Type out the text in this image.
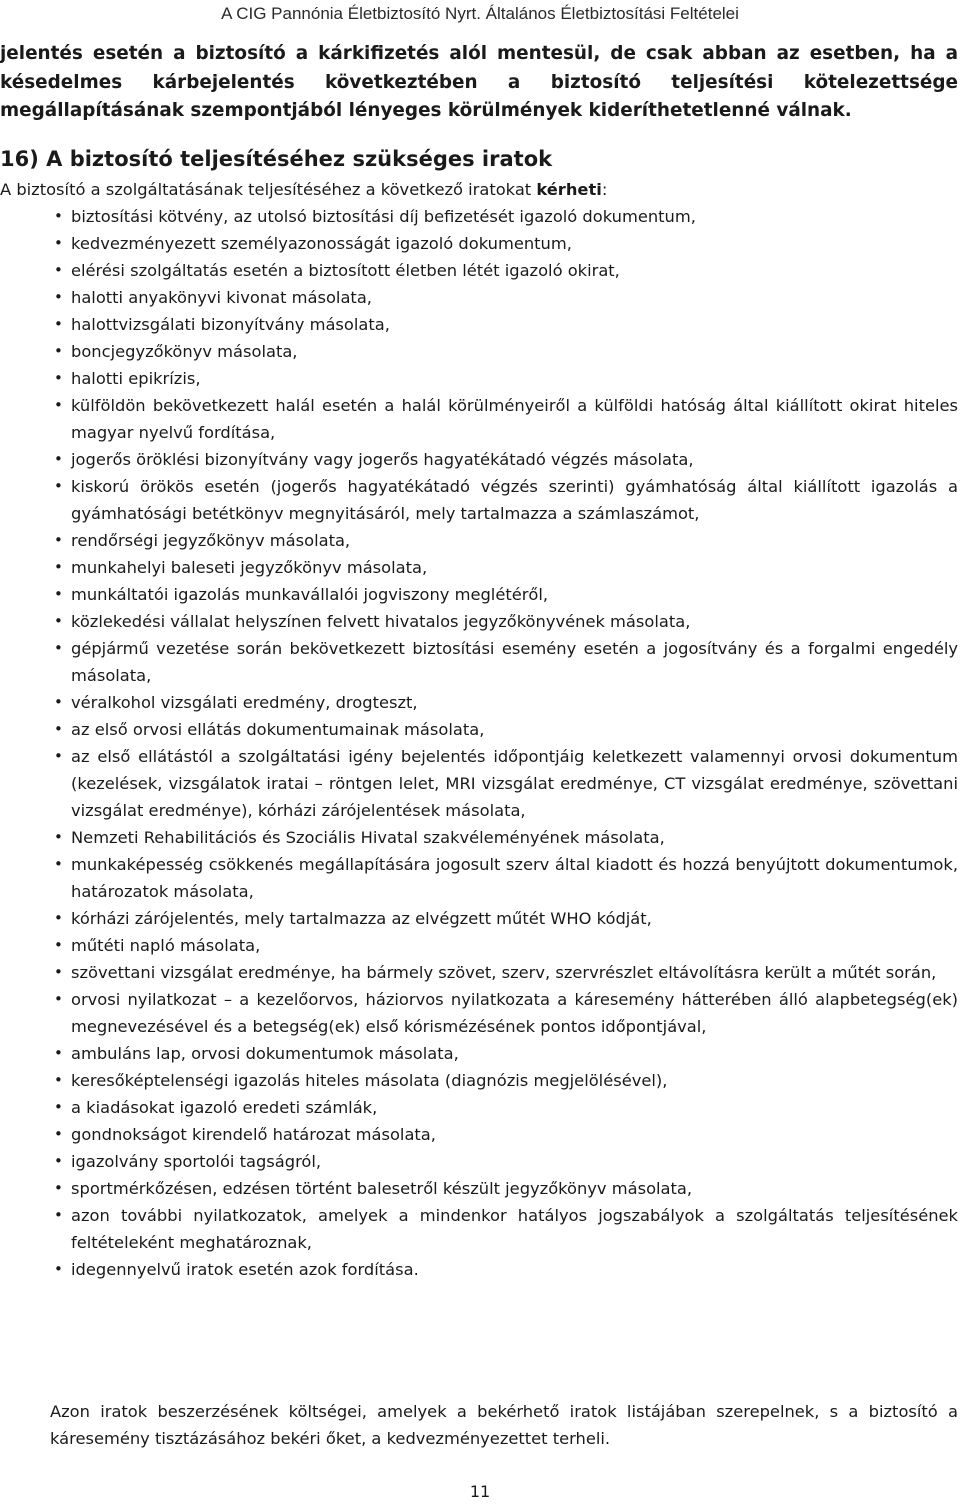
A CIG Pannónia Életbiztosító Nyrt. Általános Életbiztosítási Feltételei

jelentés esetén a biztosító a kárkifizetés alól mentesül, de csak abban az esetben, ha a késedelmes kárbejelentés következtében a biztosító teljesítési kötelezettsége megállapításának szempontjából lényeges körülmények kideríthetetlenné válnak.

16) A biztosító teljesítéséhez szükséges iratok

A biztosító a szolgáltatásának teljesítéséhez a következő iratokat kérheti:

• biztosítási kötvény, az utolsó biztosítási díj befizetését igazoló dokumentum,
• kedvezményezett személyazonosságát igazoló dokumentum,
• elérési szolgáltatás esetén a biztosított életben létét igazoló okirat,
• halotti anyakönyvi kivonat másolata,
• halottvizsgálati bizonyítvány másolata,
• boncjegyzőkönyv másolata,
• halotti epikrízis,
• külföldön bekövetkezett halál esetén a halál körülményeiről a külföldi hatóság által kiállított okirat hiteles magyar nyelvű fordítása,
• jogerős öröklési bizonyítvány vagy jogerős hagyatékátadó végzés másolata,
• kiskorú örökös esetén (jogerős hagyatékátadó végzés szerinti) gyámhatóság által kiállított igazolás a gyámhatósági betétkönyv megnyitásáról, mely tartalmazza a számlaszámot,
• rendőrségi jegyzőkönyv másolata,
• munkahelyi baleseti jegyzőkönyv másolata,
• munkáltatói igazolás munkavállalói jogviszony meglétéről,
• közlekedési vállalat helyszínen felvett hivatalos jegyzőkönyvének másolata,
• gépjármű vezetése során bekövetkezett biztosítási esemény esetén a jogosítvány és a forgalmi engedély másolata,
• véralkohol vizsgálati eredmény, drogteszt,
• az első orvosi ellátás dokumentumainak másolata,
• az első ellátástól a szolgáltatási igény bejelentés időpontjáig keletkezett valamennyi orvosi dokumentum (kezelések, vizsgálatok iratai – röntgen lelet, MRI vizsgálat eredménye, CT vizsgálat eredménye, szövettani vizsgálat eredménye), kórházi zárójelentések másolata,
• Nemzeti Rehabilitációs és Szociális Hivatal szakvéleményének másolata,
• munkaképesség csökkenés megállapítására jogosult szerv által kiadott és hozzá benyújtott dokumentumok, határozatok másolata,
• kórházi zárójelentés, mely tartalmazza az elvégzett műtét WHO kódját,
• műtéti napló másolata,
• szövettani vizsgálat eredménye, ha bármely szövet, szerv, szervrészlet eltávolításra került a műtét során,
• orvosi nyilatkozat – a kezelőorvos, háziorvos nyilatkozata a káresemény hátterében álló alapbetegség(ek) megnevezésével és a betegség(ek) első kórismézésének pontos időpontjával,
• ambuláns lap, orvosi dokumentumok másolata,
• keresőképtelenségi igazolás hiteles másolata (diagnózis megjelölésével),
• a kiadásokat igazoló eredeti számlák,
• gondnokságot kirendelő határozat másolata,
• igazolvány sportolói tagságról,
• sportmérkőzésen, edzésen történt balesetről készült jegyzőkönyv másolata,
• azon további nyilatkozatok, amelyek a mindenkor hatályos jogszabályok a szolgáltatás teljesítésének feltételeként meghatároznak,
• idegennyelvű iratok esetén azok fordítása.

Azon iratok beszerzésének költségei, amelyek a bekérhető iratok listájában szerepelnek, s a biztosító a káresemény tisztázásához bekéri őket, a kedvezményezettet terheli.

11
